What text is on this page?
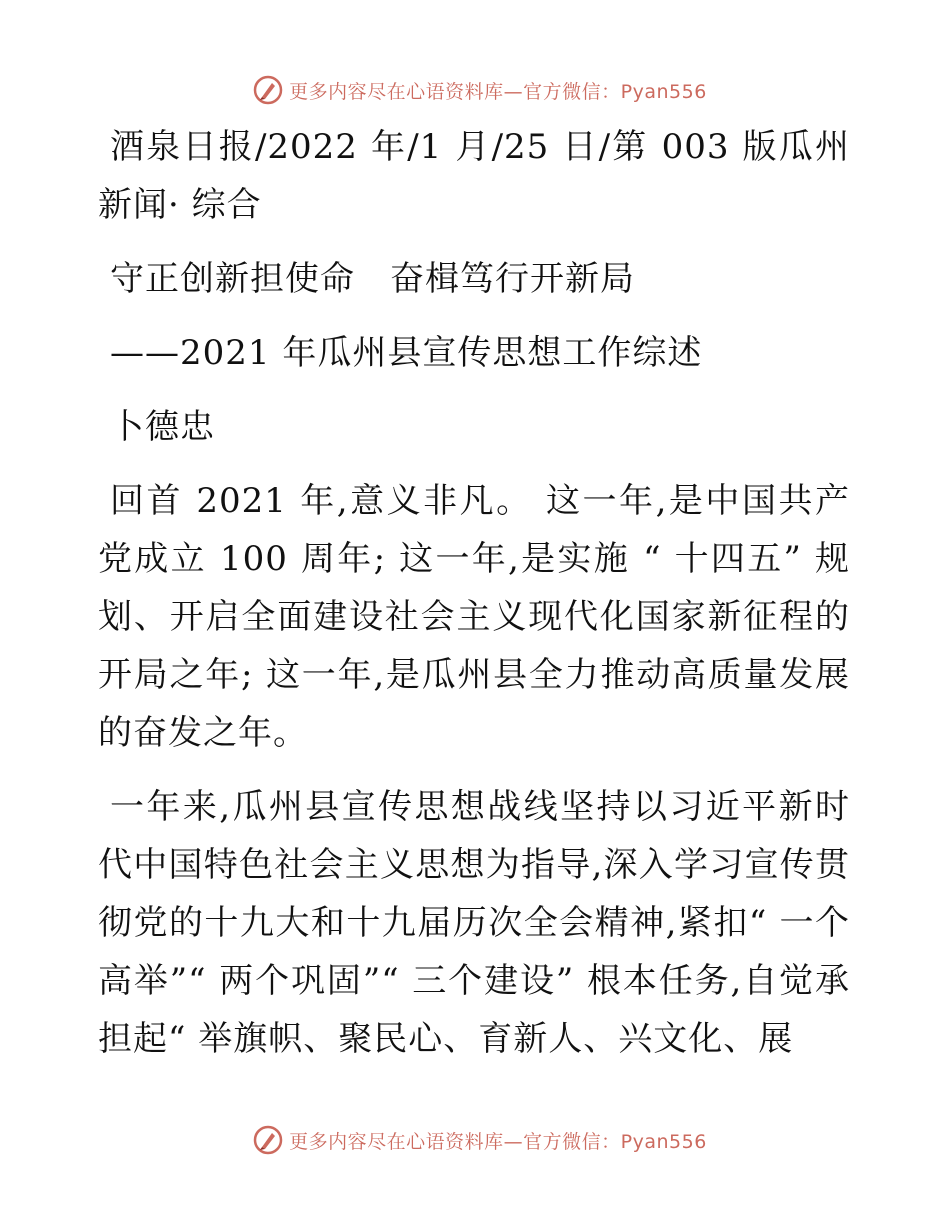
更多内容尽在心语资料库—官方微信：Pyan556

酒泉日报/2022 年/1 月/25 日/第 003 版瓜州新闻· 综合

守正创新担使命　奋楫笃行开新局

——2021 年瓜州县宣传思想工作综述

卜德忠

回首 2021 年,意义非凡。 这一年,是中国共产党成立 100 周年; 这一年,是实施 “ 十四五” 规划、开启全面建设社会主义现代化国家新征程的开局之年; 这一年,是瓜州县全力推动高质量发展的奋发之年。

一年来,瓜州县宣传思想战线坚持以习近平新时代中国特色社会主义思想为指导,深入学习宣传贯彻党的十九大和十九届历次全会精神,紧扣“ 一个高举”“ 两个巩固”“ 三个建设” 根本任务,自觉承担起“ 举旗帜、聚民心、育新人、兴文化、展

更多内容尽在心语资料库—官方微信：Pyan556
